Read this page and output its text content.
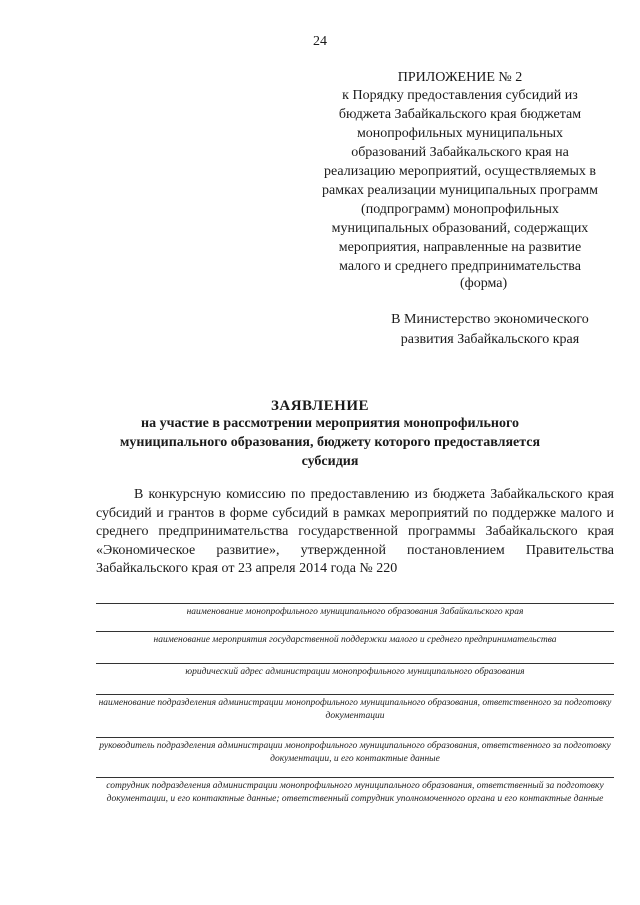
24
ПРИЛОЖЕНИЕ № 2
к Порядку предоставления субсидий из
бюджета Забайкальского края бюджетам
монопрофильных муниципальных
образований Забайкальского края на
реализацию мероприятий, осуществляемых в
рамках реализации муниципальных программ
(подпрограмм) монопрофильных
муниципальных образований, содержащих
мероприятия, направленные на развитие
малого и среднего предпринимательства
(форма)
В Министерство экономического
развития Забайкальского края
ЗАЯВЛЕНИЕ
на участие в рассмотрении мероприятия монопрофильного муниципального образования, бюджету которого предоставляется субсидия
В конкурсную комиссию по предоставлению из бюджета Забайкальского края субсидий и грантов в форме субсидий в рамках мероприятий по поддержке малого и среднего предпринимательства государственной программы Забайкальского края «Экономическое развитие», утвержденной постановлением Правительства Забайкальского края от 23 апреля 2014 года № 220
наименование монопрофильного муниципального образования Забайкальского края
наименование мероприятия государственной поддержки малого и среднего предпринимательства
юридический адрес администрации монопрофильного муниципального образования
наименование подразделения администрации монопрофильного муниципального образования, ответственного за подготовку документации
руководитель подразделения администрации монопрофильного муниципального образования, ответственного за подготовку документации, и его контактные данные
сотрудник подразделения администрации монопрофильного муниципального образования, ответственный за подготовку документации, и его контактные данные; ответственный сотрудник уполномоченного органа и его контактные данные
